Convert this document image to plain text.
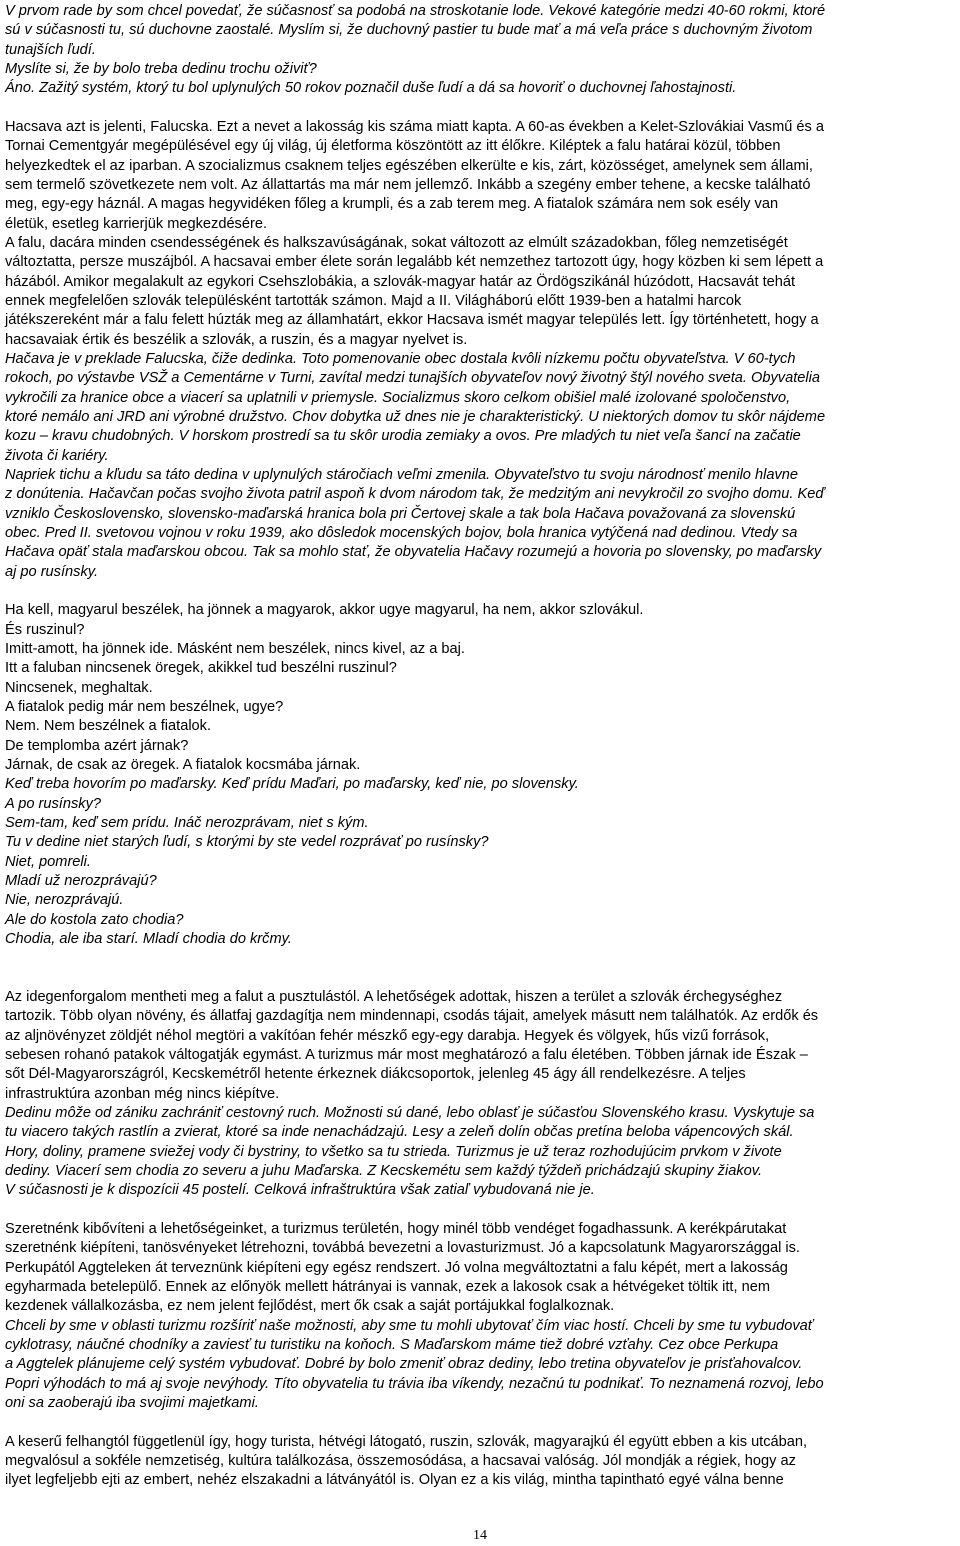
V prvom rade by som chcel povedať, že súčasnosť sa podobá na stroskotanie lode. Vekové kategórie medzi 40-60 rokmi, ktoré
sú v súčasnosti tu, sú duchovne zaostalé. Myslím si, že duchovný pastier tu bude mať a má veľa práce s duchovným životom
tunajších ľudí.
Myslíte si, že by bolo treba dedinu trochu oživiť?
Áno. Zažitý systém, ktorý tu bol uplynulých 50 rokov poznačil duše ľudí a dá sa hovoriť o duchovnej ľahostajnosti.
Hacsava azt is jelenti, Falucska. Ezt a nevet a lakosság kis száma miatt kapta. A 60-as években a Kelet-Szlovákiai Vasmű és a
Tornai Cementgyár megépülésével egy új világ, új életforma köszöntött az itt élőkre. Kiléptek a falu határai közül, többen
helyezkedtek el az iparban. A szocializmus csaknem teljes egészében elkerülte e kis, zárt, közösséget, amelynek sem állami,
sem termelő szövetkezete nem volt. Az állattartás ma már nem jellemző. Inkább a szegény ember tehene, a kecske található
meg, egy-egy háznál. A magas hegyvidéken főleg a krumpli, és a zab terem meg. A fiatalok számára nem sok esély van
életük, esetleg karrierjük megkezdésére.
A falu, dacára minden csendességének és halkszavúságának, sokat változott az elmúlt századokban, főleg nemzetiségét
változtatta, persze muszájból. A hacsavai ember élete során legalább két nemzethez tartozott úgy, hogy közben ki sem lépett a
házából. Amikor megalakult az egykori Csehszlobákia, a szlovák-magyar határ az Ördögszikánál húzódott, Hacsavát tehát
ennek megfelelően szlovák településként tartották számon. Majd a II. Világháború előtt 1939-ben a hatalmi harcok
játékszereként már a falu felett húzták meg az államhatárt, ekkor Hacsava ismét magyar település lett. Így történhetett, hogy a
hacsavaiak értik és beszélik a szlovák, a ruszin, és a magyar nyelvet is.
Hačava je v preklade Falucska, čiže dedinka. Toto pomenovanie obec dostala kvôli nízkemu počtu obyvateľstva. V 60-tych
rokoch, po výstavbe VSŽ a Cementárne v Turni, zavítal medzi tunajších obyvateľov nový životný štýl nového sveta. Obyvatelia
vykročili za hranice obce a viacerí sa uplatnili v priemysle. Socializmus skoro celkom obišiel malé izolované spoločenstvo,
ktoré nemálo ani JRD ani výrobné družstvo. Chov dobytka už dnes nie je charakteristický. U niektorých domov tu skôr nájdeme
kozu – kravu chudobných. V horskom prostredí sa tu skôr urodia zemiaky a ovos. Pre mladých tu niet veľa šancí na začatie
života či kariéry.
Napriek tichu a kľudu sa táto dedina v uplynulých stáročiach veľmi zmenila. Obyvateľstvo tu svoju národnosť menilo hlavne
z donútenia. Hačavčan počas svojho života patril aspoň k dvom národom tak, že medzitým ani nevykročil zo svojho domu. Keď
vzniklo Československo, slovensko-maďarská hranica bola pri Čertovej skale a tak bola Hačava považovaná za slovenskú
obec. Pred II. svetovou vojnou v roku 1939, ako dôsledok mocenských bojov, bola hranica vytýčená nad dedinou. Vtedy sa
Hačava opäť stala maďarskou obcou. Tak sa mohlo stať, že obyvatelia Hačavy rozumejú a hovoria po slovensky, po maďarsky
aj po rusínsky.
Ha kell, magyarul beszélek, ha jönnek a magyarok, akkor ugye magyarul, ha nem, akkor szlovákul.
És ruszinul?
Imitt-amott, ha jönnek ide. Másként nem beszélek, nincs kivel, az a baj.
Itt a faluban nincsenek öregek, akikkel tud beszélni ruszinul?
Nincsenek, meghaltak.
A fiatalok pedig már nem beszélnek, ugye?
Nem. Nem beszélnek a fiatalok.
De templomba azért járnak?
Járnak, de csak az öregek. A fiatalok kocsmába járnak.
Keď treba hovorím po maďarsky. Keď prídu Maďari, po maďarsky, keď nie, po slovensky.
A po rusínsky?
Sem-tam, keď sem prídu. Ináč nerozprávam, niet s kým.
Tu v dedine niet starých ľudí, s ktorými by ste vedel rozprávať po rusínsky?
Niet, pomreli.
Mladí už nerozprávajú?
Nie, nerozprávajú.
Ale do kostola zato chodia?
Chodia, ale iba starí. Mladí chodia do krčmy.
Az idegenforgalom mentheti meg a falut a pusztulástól. A lehetőségek adottak, hiszen a terület a szlovák érchegységhez
tartozik. Több olyan növény, és állatfaj gazdagítja nem mindennapi, csodás tájait, amelyek másutt nem találhatók. Az erdők és
az aljnövényzet zöldjét néhol megtöri a vakítóan fehér mészkő egy-egy darabja. Hegyek és völgyek, hűs vizű források,
sebesen rohanó patakok váltogatják egymást. A turizmus már most meghatározó a falu életében. Többen járnak ide Észak –
sőt Dél-Magyarországról, Kecskemétről hetente érkeznek diákcsoportok, jelenleg 45 ágy áll rendelkezésre. A teljes
infrastruktúra azonban még nincs kiépítve.
Dedinu môže od zániku zachrániť cestovný ruch. Možnosti sú dané, lebo oblasť je súčasťou Slovenského krasu. Vyskytuje sa
tu viacero takých rastlín a zvierat, ktoré sa inde nenachádzajú. Lesy a zeleň dolín občas pretína beloba vápencových skál.
Hory, doliny, pramene sviežej vody či bystriny, to všetko sa tu strieda. Turizmus je už teraz rozhodujúcim prvkom v živote
dediny. Viacerí sem chodia zo severu a juhu Maďarska. Z Kecskemétu sem každý týždeň prichádzajú skupiny žiakov.
V súčasnosti je k dispozícii 45 postelí. Celková infraštruktúra však zatiaľ vybudovaná nie je.
Szeretnénk kibővíteni a lehetőségeinket, a turizmus területén, hogy minél több vendéget fogadhassunk. A kerékpárutakat
szeretnénk kiépíteni, tanösvényeket létrehozni, továbbá bevezetni a lovasturizmust. Jó a kapcsolatunk Magyarországgal is.
Perkupától Aggteleken át terveznünk kiépíteni egy egész rendszert. Jó volna megváltoztatni a falu képét, mert a lakosság
egyharmada betelepülő. Ennek az előnyök mellett hátrányai is vannak, ezek a lakosok csak a hétvégeket töltik itt, nem
kezdenek vállalkozásba, ez nem jelent fejlődést, mert ők csak a saját portájukkal foglalkoznak.
Chceli by sme v oblasti turizmu rozšíriť naše možnosti, aby sme tu mohli ubytovať čím viac hostí. Chceli by sme tu vybudovať
cyklotrasy, náučné chodníky a zaviesť tu turistiku na koňoch. S Maďarskom máme tiež dobré vzťahy. Cez obce Perkupa
a Aggtelek plánujeme celý systém vybudovať. Dobré by bolo zmeniť obraz dediny, lebo tretina obyvateľov je prisťahovalcov.
Popri výhodách to má aj svoje nevýhody. Títo obyvatelia tu trávia iba víkendy, nezačnú tu podnikať. To neznamená rozvoj, lebo
oni sa zaoberajú iba svojimi majetkami.
A keserű felhangtól függetlenül így, hogy turista, hétvégi látogató, ruszin, szlovák, magyarajkú él együtt ebben a kis utcában,
megvalósul a sokféle nemzetiség, kultúra találkozása, összemosódása, a hacsavai valóság. Jól mondják a régiek, hogy az
ilyet legfeljebb ejti az embert, nehéz elszakadni a látványától is. Olyan ez a kis világ, mintha tapintható egyé válna benne
14
